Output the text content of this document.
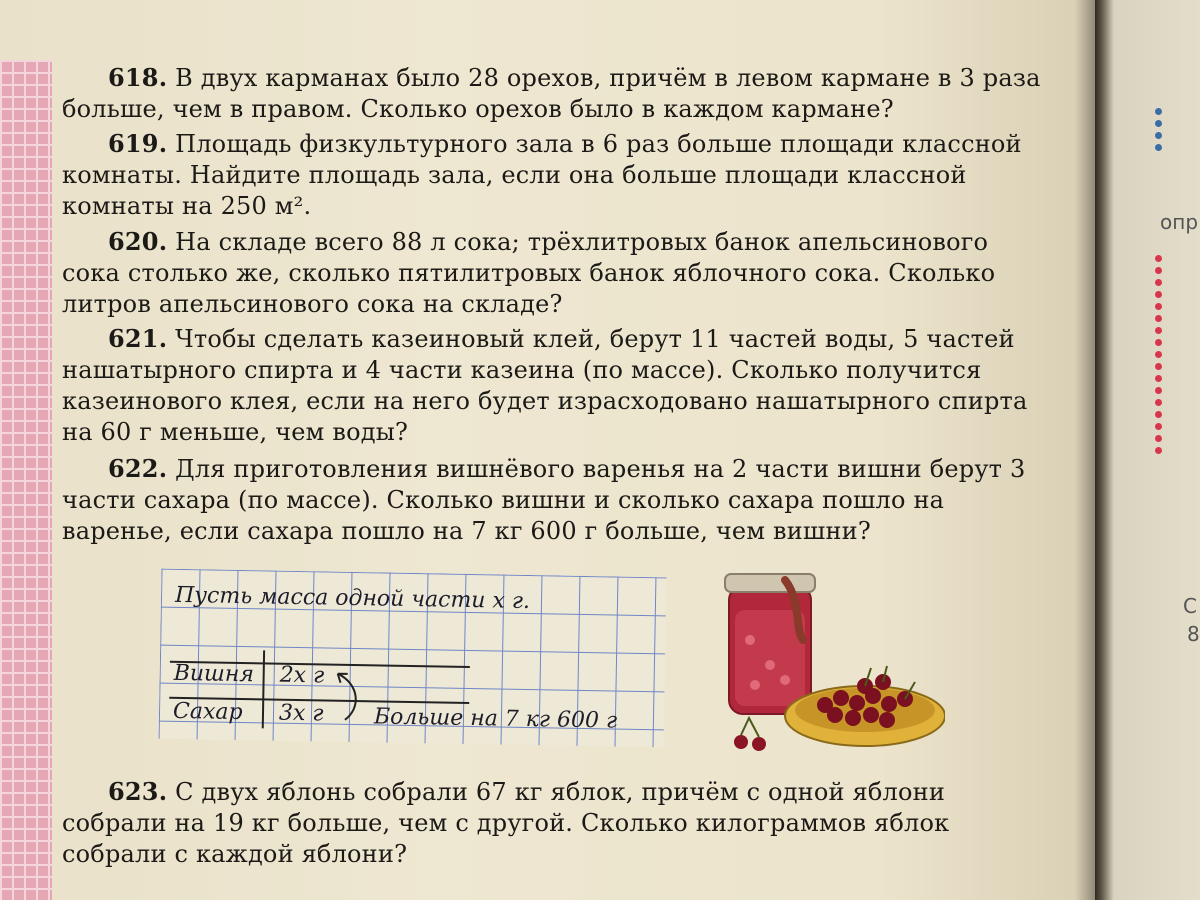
618. В двух карманах было 28 орехов, причём в левом кармане в 3 раза больше, чем в правом. Сколько орехов было в каждом кармане?

619. Площадь физкультурного зала в 6 раз больше площади классной комнаты. Найдите площадь зала, если она больше площади классной комнаты на 250 м².

620. На складе всего 88 л сока; трёхлитровых банок апельсинового сока столько же, сколько пятилитровых банок яблочного сока. Сколько литров апельсинового сока на складе?

621. Чтобы сделать казеиновый клей, берут 11 частей воды, 5 частей нашатырного спирта и 4 части казеина (по массе). Сколько получится казеинового клея, если на него будет израсходовано нашатырного спирта на 60 г меньше, чем воды?

622. Для приготовления вишнёвого варенья на 2 части вишни берут 3 части сахара (по массе). Сколько вишни и сколько сахара пошло на варенье, если сахара пошло на 7 кг 600 г больше, чем вишни?

Пусть масса одной части х г.
Вишня 2х г
Сахар 3х г Больше на 7 кг 600 г

623. С двух яблонь собрали 67 кг яблок, причём с одной яблони собрали на 19 кг больше, чем с другой. Сколько килограммов яблок собрали с каждой яблони?

опр
С
8
